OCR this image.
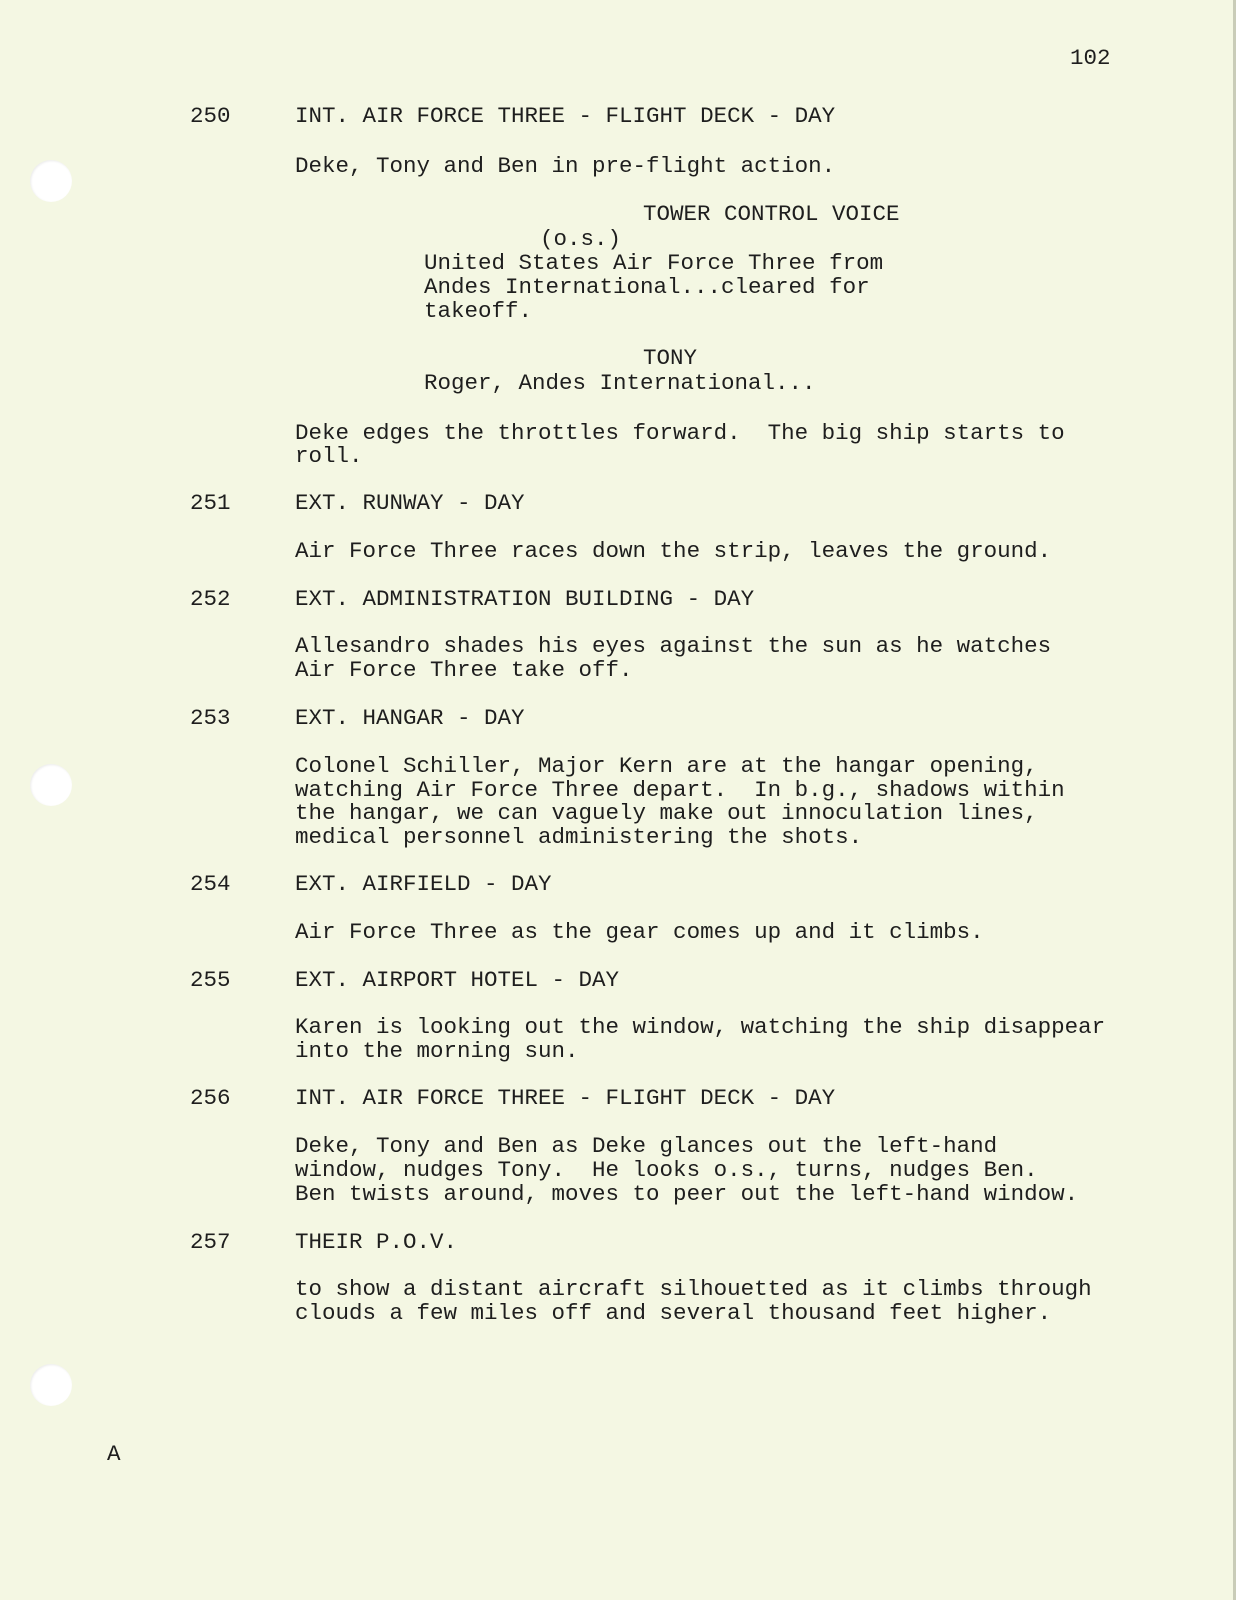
102

250	INT. AIR FORCE THREE - FLIGHT DECK - DAY

Deke, Tony and Ben in pre-flight action.

TOWER CONTROL VOICE

(o.s.)

United States Air Force Three from

Andes International...cleared for

takeoff.

TONY

Roger, Andes International...

Deke edges the throttles forward.  The big ship starts to

roll.

251	EXT. RUNWAY - DAY

Air Force Three races down the strip, leaves the ground.

252	EXT. ADMINISTRATION BUILDING - DAY

Allesandro shades his eyes against the sun as he watches

Air Force Three take off.

253	EXT. HANGAR - DAY

Colonel Schiller, Major Kern are at the hangar opening,

watching Air Force Three depart.  In b.g., shadows within

the hangar, we can vaguely make out innoculation lines,

medical personnel administering the shots.

254	EXT. AIRFIELD - DAY

Air Force Three as the gear comes up and it climbs.

255	EXT. AIRPORT HOTEL - DAY

Karen is looking out the window, watching the ship disappear

into the morning sun.

256	INT. AIR FORCE THREE - FLIGHT DECK - DAY

Deke, Tony and Ben as Deke glances out the left-hand

window, nudges Tony.  He looks o.s., turns, nudges Ben.

Ben twists around, moves to peer out the left-hand window.

257	THEIR P.O.V.

to show a distant aircraft silhouetted as it climbs through

clouds a few miles off and several thousand feet higher.

A
